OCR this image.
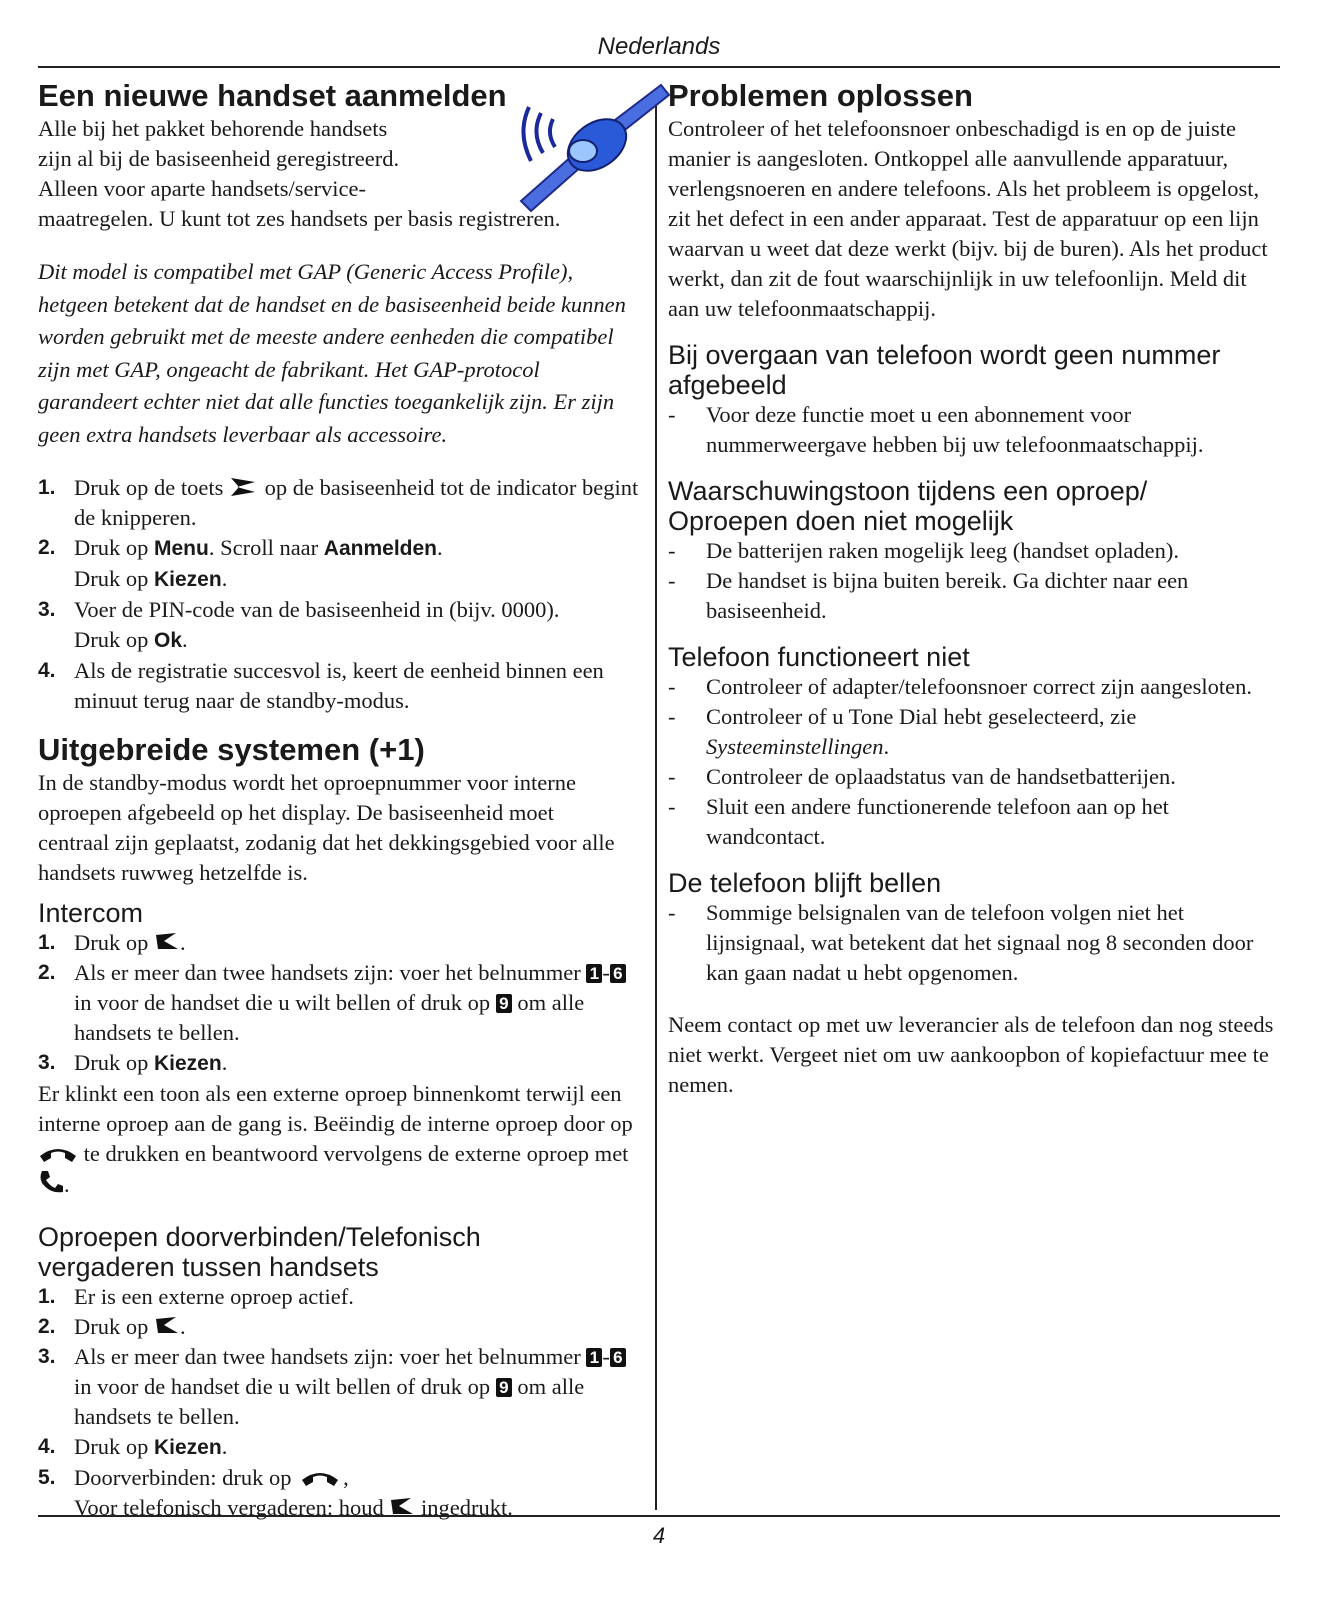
Nederlands
Een nieuwe handset aanmelden

Alle bij het pakket behorende handsets

zijn al bij de basiseenheid geregistreerd.

Alleen voor aparte handsets/service-

maatregelen. U kunt tot zes handsets per basis registreren.

Dit model is compatibel met GAP (Generic Access Profile), hetgeen betekent dat de handset en de basiseenheid beide kunnen worden gebruikt met de meeste andere eenheden die compatibel zijn met GAP, ongeacht de fabrikant. Het GAP-protocol garandeert echter niet dat alle functies toegankelijk zijn. Er zijn geen extra handsets leverbaar als accessoire.

1. Druk op de toets op de basiseenheid tot de indicator begint de knipperen.
2. Druk op Menu. Scroll naar Aanmelden.
Druk op Kiezen.
3. Voer de PIN-code van de basiseenheid in (bijv. 0000).
Druk op Ok.
4. Als de registratie succesvol is, keert de eenheid binnen een minuut terug naar de standby-modus.
Uitgebreide systemen (+1)

In de standby-modus wordt het oproepnummer voor interne oproepen afgebeeld op het display. De basiseenheid moet centraal zijn geplaatst, zodanig dat het dekkingsgebied voor alle handsets ruwweg hetzelfde is.

Intercom
1. Druk op .
2. Als er meer dan twee handsets zijn: voer het belnummer 1 - 6 in voor de handset die u wilt bellen of druk op 9 om alle handsets te bellen.
3. Druk op Kiezen.

Er klinkt een toon als een externe oproep binnenkomt terwijl een interne oproep aan de gang is. Beëindig de interne oproep door op  te drukken en beantwoord vervolgens de externe oproep met .

Oproepen doorverbinden/Telefonisch vergaderen tussen handsets
1. Er is een externe oproep actief.
2. Druk op .
3. Als er meer dan twee handsets zijn: voer het belnummer 1 - 6 in voor de handset die u wilt bellen of druk op 9 om alle handsets te bellen.
4. Druk op Kiezen.
5. Doorverbinden: druk op ,
Voor telefonisch vergaderen: houd ingedrukt.
Problemen oplossen

Controleer of het telefoonsnoer onbeschadigd is en op de juiste manier is aangesloten. Ontkoppel alle aanvullende apparatuur, verlengsnoeren en andere telefoons. Als het probleem is opgelost, zit het defect in een ander apparaat. Test de apparatuur op een lijn waarvan u weet dat deze werkt (bijv. bij de buren). Als het product werkt, dan zit de fout waarschijnlijk in uw telefoonlijn. Meld dit aan uw telefoonmaatschappij.

Bij overgaan van telefoon wordt geen nummer afgebeeld
- Voor deze functie moet u een abonnement voor nummerweergave hebben bij uw telefoonmaatschappij.
Waarschuwingstoon tijdens een oproep/ Oproepen doen niet mogelijk
- De batterijen raken mogelijk leeg (handset opladen).
- De handset is bijna buiten bereik. Ga dichter naar een basiseenheid.
Telefoon functioneert niet
- Controleer of adapter/telefoonsnoer correct zijn aangesloten.
- Controleer of u Tone Dial hebt geselecteerd, zie Systeeminstellingen.
- Controleer de oplaadstatus van de handsetbatterijen.
- Sluit een andere functionerende telefoon aan op het wandcontact.
De telefoon blijft bellen
- Sommige belsignalen van de telefoon volgen niet het lijnsignaal, wat betekent dat het signaal nog 8 seconden door kan gaan nadat u hebt opgenomen.

Neem contact op met uw leverancier als de telefoon dan nog steeds niet werkt. Vergeet niet om uw aankoopbon of kopiefactuur mee te nemen.

4
